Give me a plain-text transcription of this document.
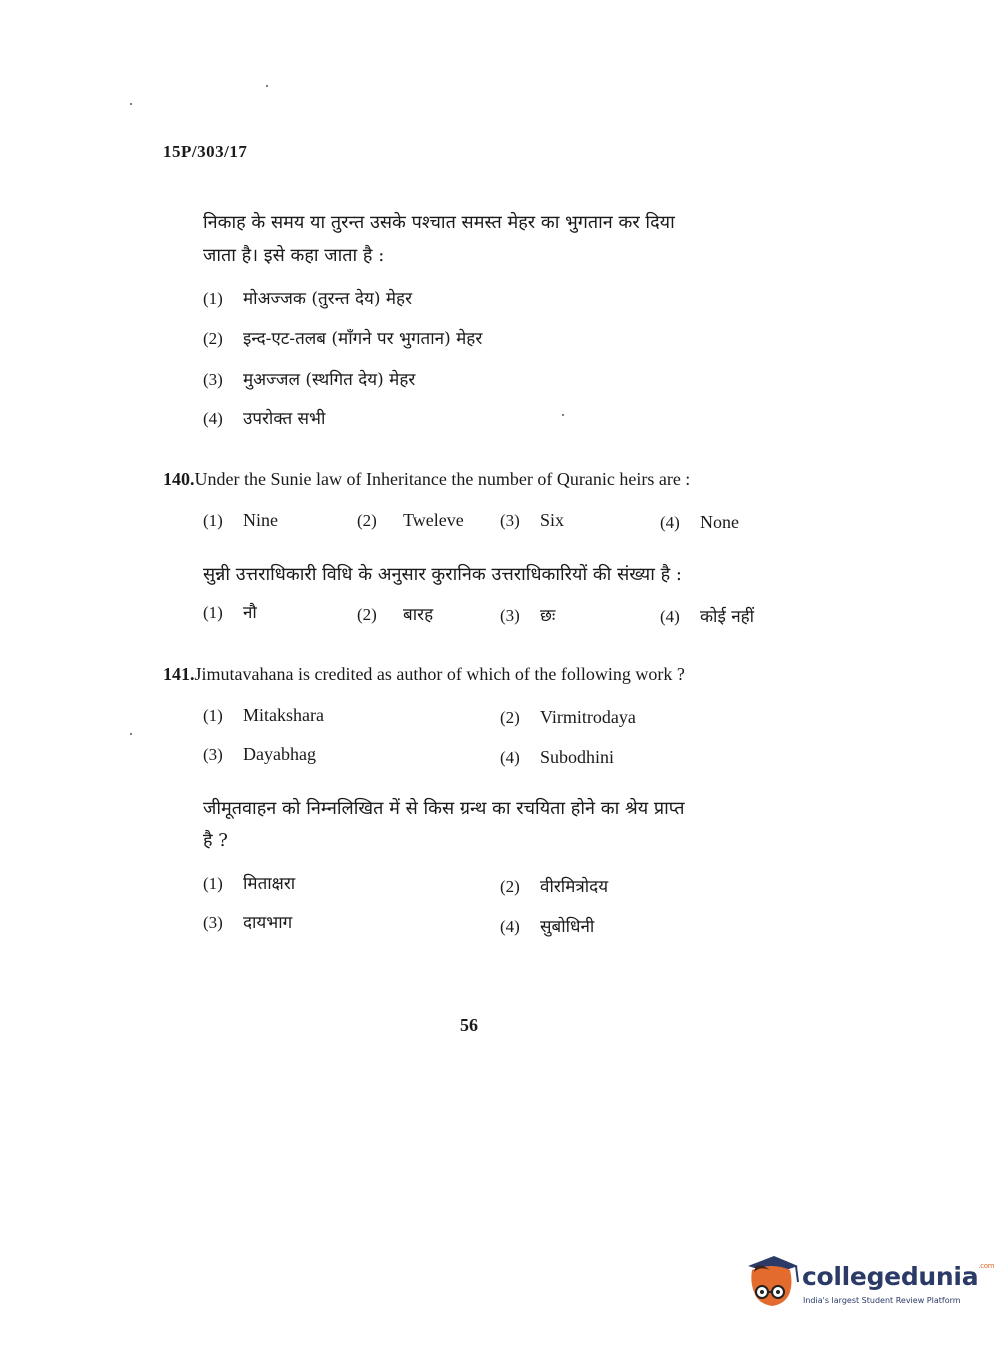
15P/303/17
निकाह के समय या तुरन्त उसके पश्चात समस्त मेहर का भुगतान कर दिया
जाता है। इसे कहा जाता है :
(1) मोअज्जक (तुरन्त देय) मेहर
(2) इन्द-एट-तलब (माँगने पर भुगतान) मेहर
(3) मुअज्जल (स्थगित देय) मेहर
(4) उपरोक्त सभी
140.Under the Sunie law of Inheritance the number of Quranic heirs are :
(1) Nine	(2) Tweleve (3) Six	(4) None
सुन्नी उत्तराधिकारी विधि के अनुसार कुरानिक उत्तराधिकारियों की संख्या है :
(1) नौ	(2) बारह	(3) छः	(4) कोई नहीं
141.Jimutavahana is credited as author of which of the following work ?
(1) Mitakshara	(2) Virmitrodaya
(3) Dayabhag	(4) Subodhini
जीमूतवाहन को निम्नलिखित में से किस ग्रन्थ का रचयिता होने का श्रेय प्राप्त
है ?
(1) मिताक्षरा	(2) वीरमित्रोदय
(3) दायभाग	(4) सुबोधिनी
56
collegedunia$^{.com}$
India's largest Student Review Platform
